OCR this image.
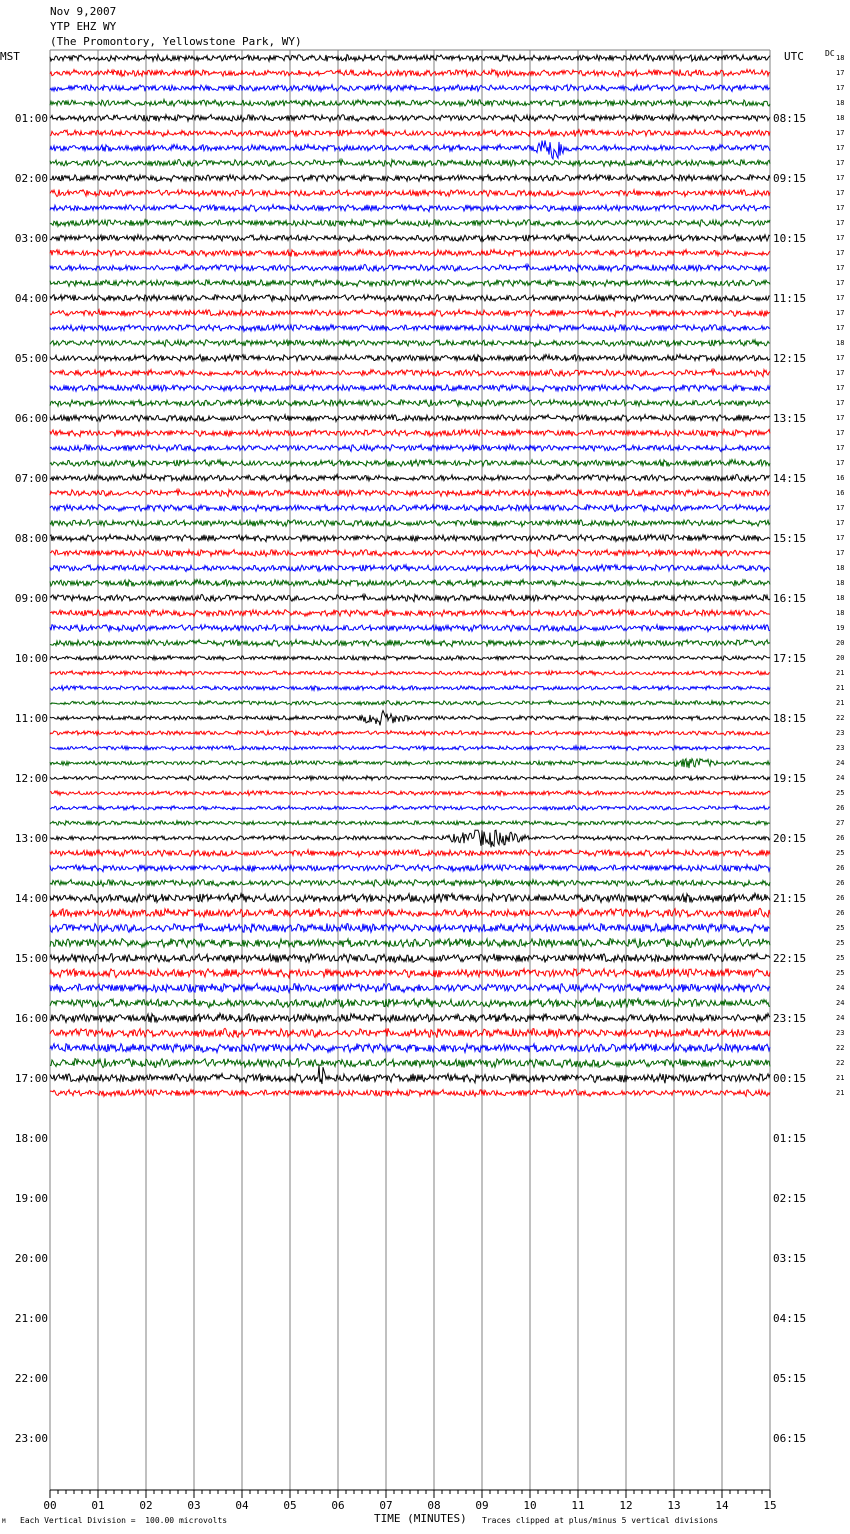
Nov 9,2007
YTP EHZ WY
(The Promontory, Yellowstone Park, WY)
18
17
17
18
18
17
17
17
17
17
17
17
17
17
17
17
17
17
17
18
17
17
17
17
17
17
17
17
16
16
17
17
17
17
18
18
18
18
19
20
20
21
21
21
22
23
23
24
24
25
26
27
26
25
26
26
26
26
25
25
25
25
24
24
24
23
22
22
21
21
01:00	08:15
02:00	09:15
03:00	10:15
04:00	11:15
05:00	12:15
06:00	13:15
07:00	14:15
08:00	15:15
09:00	16:15
10:00	17:15
11:00	18:15
12:00	19:15
13:00	20:15
14:00	21:15
15:00	22:15
16:00	23:15
17:00	00:15
18:00	01:15
19:00	02:15
20:00	03:15
21:00	04:15
22:00	05:15
23:00	06:15
00	01	02	03	04	05	06	07	08	09	10	11	12	13	14	15
MST	UTC	DC
TIME (MINUTES)
Each Vertical Division =  100.00 microvolts	Traces clipped at plus/minus 5 vertical divisions
M
